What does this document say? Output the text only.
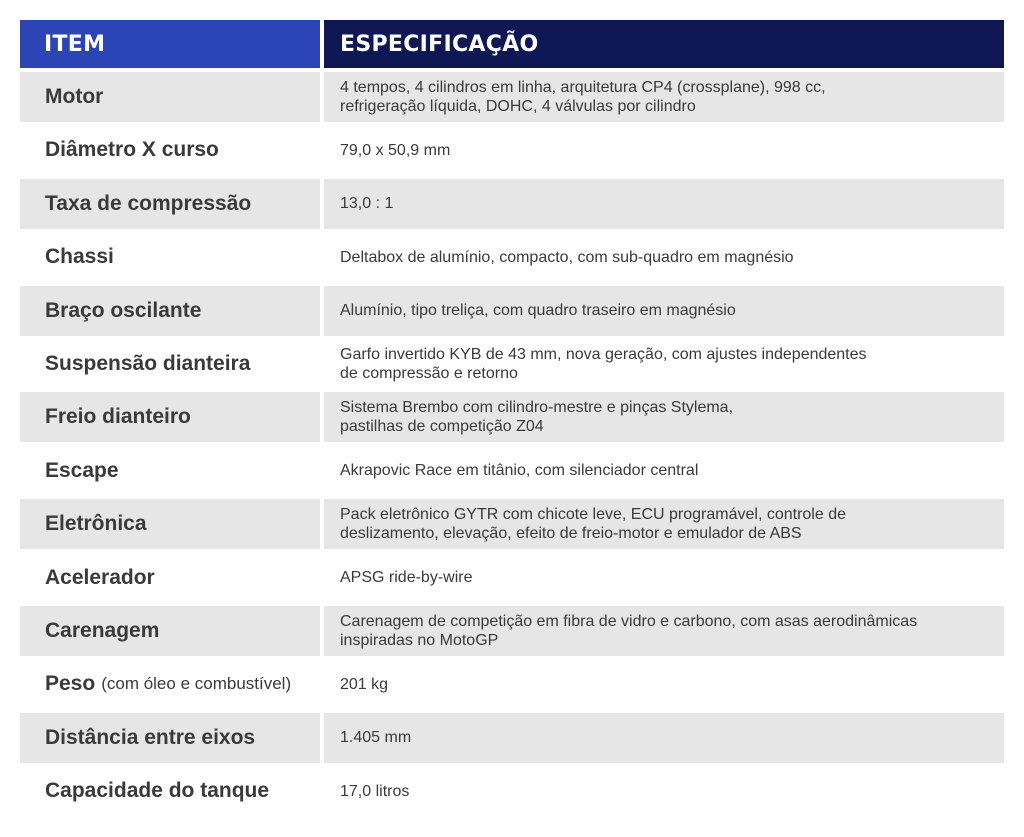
ITEM	ESPECIFICAÇÃO
Motor	4 tempos, 4 cilindros em linha, arquitetura CP4 (crossplane), 998 cc,
refrigeração líquida, DOHC, 4 válvulas por cilindro
Diâmetro X curso	79,0 x 50,9 mm
Taxa de compressão	13,0 : 1
Chassi	Deltabox de alumínio, compacto, com sub-quadro em magnésio
Braço oscilante	Alumínio, tipo treliça, com quadro traseiro em magnésio
Suspensão dianteira	Garfo invertido KYB de 43 mm, nova geração, com ajustes independentes
de compressão e retorno
Freio dianteiro	Sistema Brembo com cilindro-mestre e pinças Stylema,
pastilhas de competição Z04
Escape	Akrapovic Race em titânio, com silenciador central
Eletrônica	Pack eletrônico GYTR com chicote leve, ECU programável, controle de
deslizamento, elevação, efeito de freio-motor e emulador de ABS
Acelerador	APSG ride-by-wire
Carenagem	Carenagem de competição em fibra de vidro e carbono, com asas aerodinâmicas
inspiradas no MotoGP
Peso (com óleo e combustível)	201 kg
Distância entre eixos	1.405 mm
Capacidade do tanque	17,0 litros
